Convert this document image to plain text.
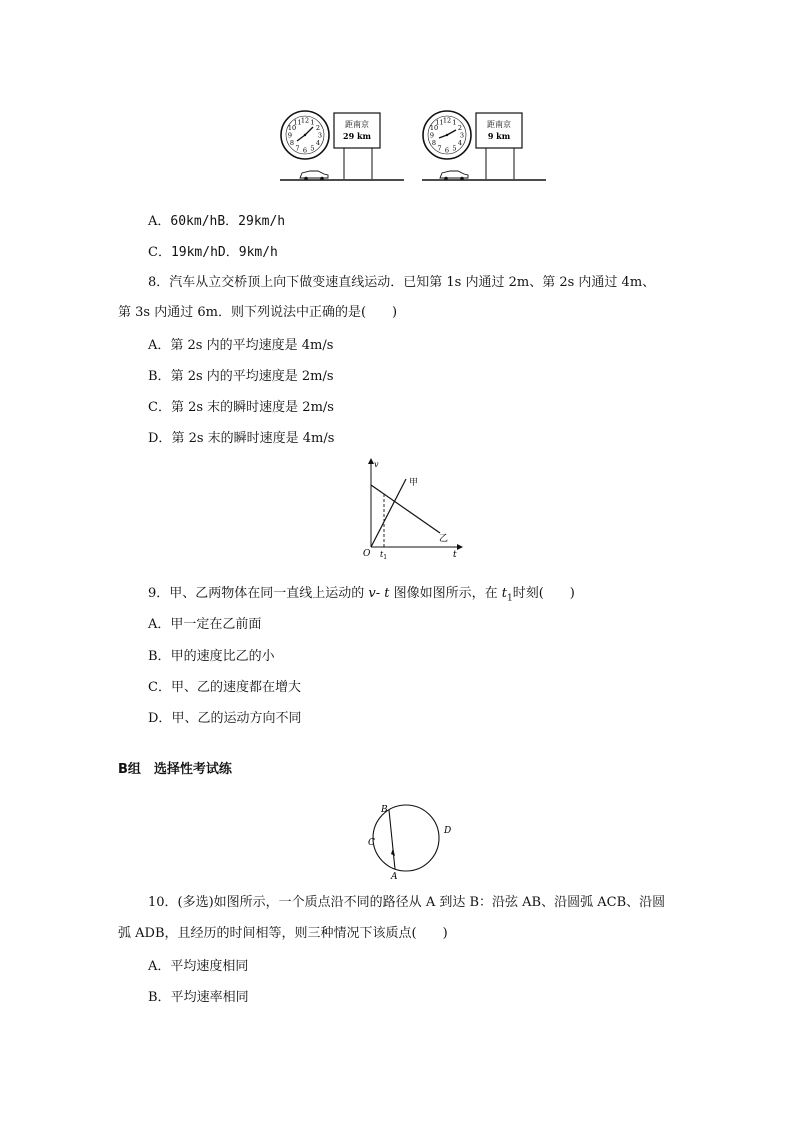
12 1
2
3
4
5
6
7
8
9
10
11	距南京
29 km
12 1
2
3
4
5
6
7
8
9
10
11	距南京
9 km
A．60km/hB．29km/h
C．19km/hD．9km/h
8．汽车从立交桥顶上向下做变速直线运动．已知第 1s 内通过 2m、第 2s 内通过 4m、
第 3s 内通过 6m．则下列说法中正确的是(　　)
A．第 2s 内的平均速度是 4m/s
B．第 2s 内的平均速度是 2m/s
C．第 2s 末的瞬时速度是 2m/s
D．第 2s 末的瞬时速度是 4m/s
v
t
O
甲
乙
$t_1$
9．甲、乙两物体在同一直线上运动的 v- t 图像如图所示，在 $t_1$时刻(　　)
A．甲一定在乙前面
B．甲的速度比乙的小
C．甲、乙的速度都在增大
D．甲、乙的运动方向不同
B组　选择性考试练
B
C
A
D
10．(多选)如图所示，一个质点沿不同的路径从 A 到达 B：沿弦 AB、沿圆弧 ACB、沿圆
弧 ADB，且经历的时间相等，则三种情况下该质点(　　)
A．平均速度相同
B．平均速率相同
